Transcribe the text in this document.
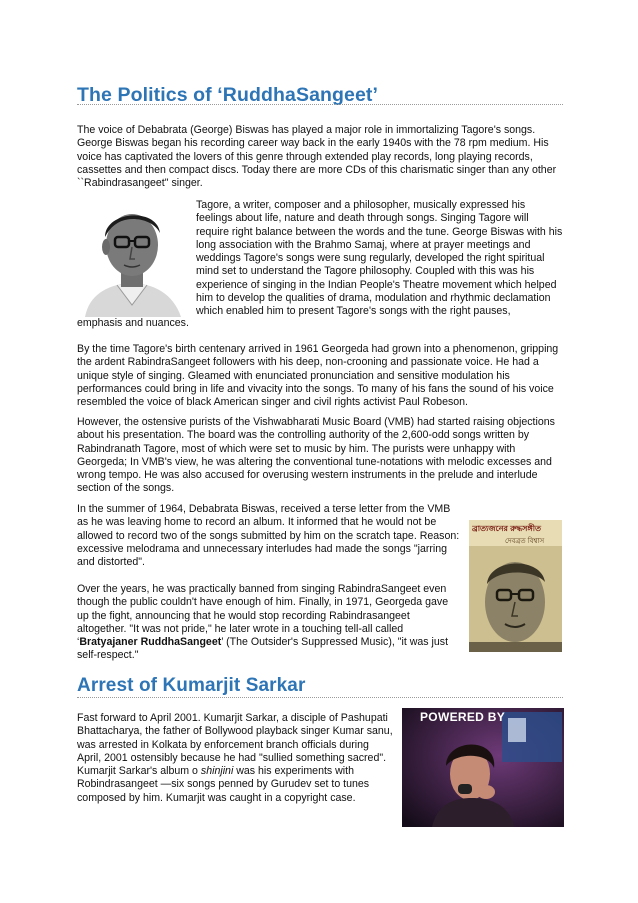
The Politics of ‘RuddhaSangeet’

The voice of Debabrata (George) Biswas has played a major role in immortalizing Tagore's songs. George Biswas began his recording career way back in the early 1940s with the 78 rpm medium. His voice has captivated the lovers of this genre through extended play records, long playing records, cassettes and then compact discs. Today there are more CDs of this charismatic singer than any other ``Rabindrasangeet" singer.

Tagore, a writer, composer and a philosopher, musically expressed his feelings about life, nature and death through songs. Singing Tagore will require right balance between the words and the tune. George Biswas with his long association with the Brahmo Samaj, where at prayer meetings and weddings Tagore's songs were sung regularly, developed the right spiritual mind set to understand the Tagore philosophy. Coupled with this was his experience of singing in the Indian People's Theatre movement which helped him to develop the qualities of drama, modulation and rhythmic declamation which enabled him to present Tagore's songs with the right pauses,

emphasis and nuances.

By the time Tagore's birth centenary arrived in 1961 Georgeda had grown into a phenomenon, gripping the ardent RabindraSangeet followers with his deep, non-crooning and passionate voice. He had a unique style of singing. Gleamed with enunciated pronunciation and sensitive modulation his performances could bring in life and vivacity into the songs. To many of his fans the sound of his voice resembled the voice of black American singer and civil rights activist Paul Robeson.

However, the ostensive purists of the Vishwabharati Music Board (VMB) had started raising objections about his presentation. The board was the controlling authority of the 2,600-odd songs written by Rabindranath Tagore, most of which were set to music by him. The purists were unhappy with Georgeda; In VMB's view, he was altering the conventional tune-notations with melodic excesses and wrong tempo. He was also accused for overusing western instruments in the prelude and interlude section of the songs.

In the summer of 1964, Debabrata Biswas, received a terse letter from the VMB as he was leaving home to record an album. It informed that he would not be allowed to record two of the songs submitted by him on the scratch tape. Reason: excessive melodrama and unnecessary interludes had made the songs "jarring and distorted".

Over the years, he was practically banned from singing RabindraSangeet even though the public couldn't have enough of him. Finally, in 1971, Georgeda gave up the fight, announcing that he would stop recording Rabindrasangeet altogether. "It was not pride," he later wrote in a touching tell-all called ‘Bratyajaner RuddhaSangeet’ (The Outsider's Suppressed Music), "it was just self-respect."

ব্রাত্যজনের রুদ্ধসঙ্গীত
দেবব্রত বিশ্বাস
Arrest of Kumarjit Sarkar

Fast forward to April 2001. Kumarjit Sarkar, a disciple of Pashupati Bhattacharya, the father of Bollywood playback singer Kumar sanu, was arrested in Kolkata by enforcement branch officials during April, 2001 ostensibly because he had "sullied something sacred". Kumarjit Sarkar's album o shinjini was his experiments with Robindrasangeet —six songs penned by Gurudev set to tunes composed by him. Kumarjit was caught in a copyright case.

POWERED BY
